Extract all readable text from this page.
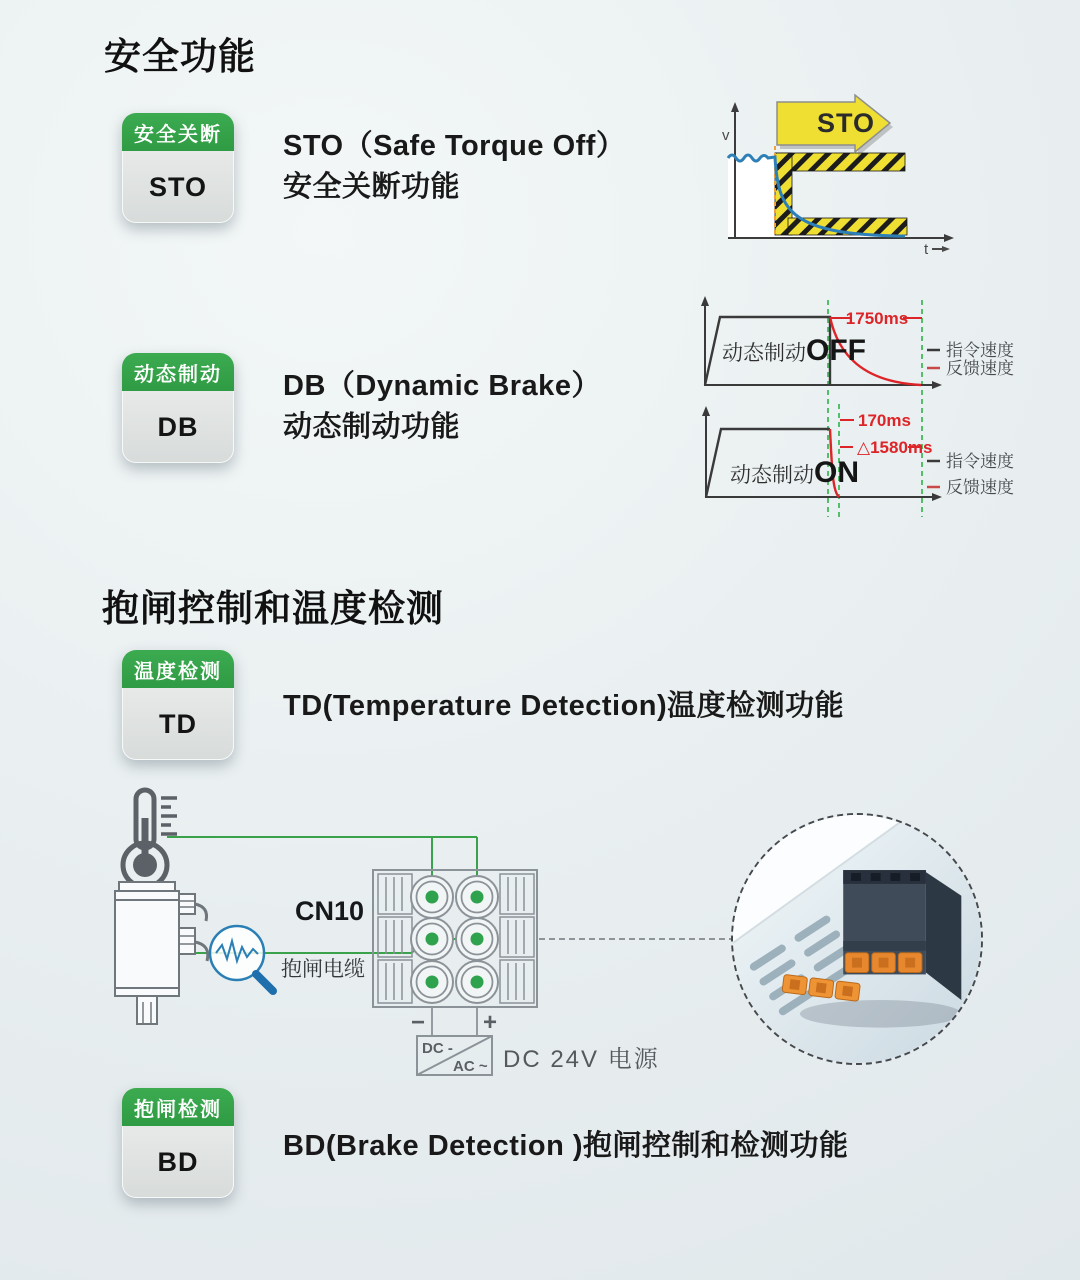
安全功能
安全关断
STO
STO（Safe Torque Off）
安全关断功能
v
t
STO
动态制动
DB
DB（Dynamic Brake）
动态制动功能
动态制动 OFF
1750ms
指令速度
反馈速度
动态制动 ON
170ms
△1580ms
指令速度
反馈速度
抱闸控制和温度检测
温度检测
TD
TD(Temperature Detection)温度检测功能
CN10
抱闸电缆
− +
DC -
AC ~ DC 24V 电源
抱闸检测
BD	BD(Brake Detection )抱闸控制和检测功能
